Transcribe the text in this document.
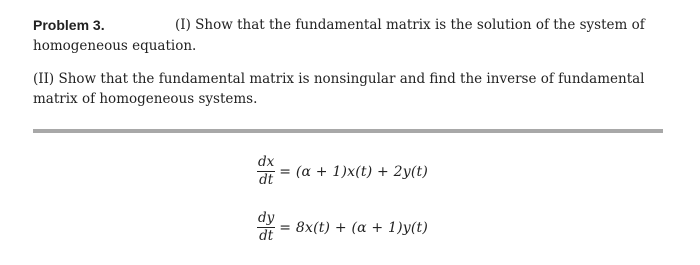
Problem 3.	(I) Show that the fundamental matrix is the solution of the system of
homogeneous equation.
(II) Show that the fundamental matrix is nonsingular and find the inverse of fundamental
matrix of homogeneous systems.
$\frac{dx}{dt} = (\alpha + 1)x(t) + 2y(t)$
$\frac{dy}{dt} = 8x(t) + (\alpha + 1)y(t)$
